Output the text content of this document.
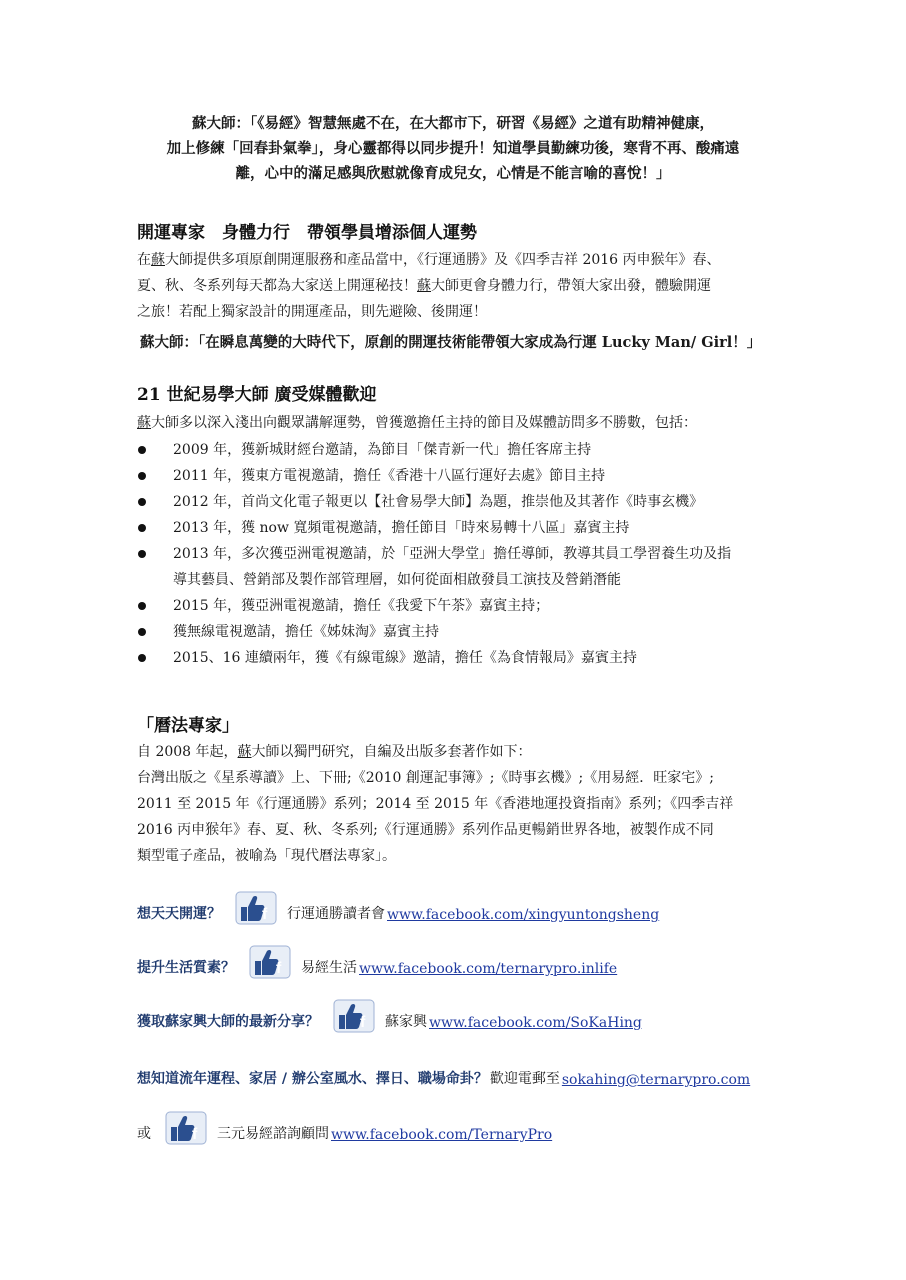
蘇大師：「《易經》智慧無處不在，在大都市下，研習《易經》之道有助精神健康，
加上修練「回春卦氣拳」，身心靈都得以同步提升！知道學員勤練功後，寒背不再、酸痛遠
離，心中的滿足感與欣慰就像育成兒女，心情是不能言喻的喜悅！」
開運專家　身體力行　帶領學員增添個人運勢
在蘇大師提供多項原創開運服務和產品當中，《行運通勝》及《四季吉祥 2016 丙申猴年》春、
夏、秋、冬系列每天都為大家送上開運秘技！蘇大師更會身體力行，帶領大家出發，體驗開運
之旅！若配上獨家設計的開運產品，則先避險、後開運！
蘇大師：「在瞬息萬變的大時代下，原創的開運技術能帶領大家成為行運 Lucky Man/ Girl！」
21 世紀易學大師 廣受媒體歡迎
蘇大師多以深入淺出向觀眾講解運勢，曾獲邀擔任主持的節目及媒體訪問多不勝數，包括：
2009 年，獲新城財經台邀請，為節目「傑青新一代」擔任客席主持
2011 年，獲東方電視邀請，擔任《香港十八區行運好去處》節目主持
2012 年，首尚文化電子報更以【社會易學大師】為題，推崇他及其著作《時事玄機》
2013 年，獲 now 寬頻電視邀請，擔任節目「時來易轉十八區」嘉賓主持
2013 年，多次獲亞洲電視邀請，於「亞洲大學堂」擔任導師，教導其員工學習養生功及指
導其藝員、營銷部及製作部管理層，如何從面相啟發員工演技及營銷潛能
2015 年，獲亞洲電視邀請，擔任《我愛下午茶》嘉賓主持；
獲無線電視邀請，擔任《姊妹淘》嘉賓主持
2015、16 連續兩年，獲《有線電線》邀請，擔任《為食情報局》嘉賓主持
「曆法專家」
自 2008 年起，蘇大師以獨門研究，自編及出版多套著作如下：
台灣出版之《星系導讀》上、下冊;《2010 創運記事簿》;《時事玄機》;《用易經．旺家宅》;
2011 至 2015 年《行運通勝》系列；2014 至 2015 年《香港地運投資指南》系列；《四季吉祥
2016 丙申猴年》春、夏、秋、冬系列;《行運通勝》系列作品更暢銷世界各地，被製作成不同
類型電子產品，被喻為「現代曆法專家」。
想天天開運？	f 行運通勝讀者會 www.facebook.com/xingyuntongsheng
提升生活質素？	f 易經生活 www.facebook.com/ternarypro.inlife
獲取蘇家興大師的最新分享？	f 蘇家興 www.facebook.com/SoKaHing
想知道流年運程、家居 / 辦公室風水、擇日、職場命卦？ 歡迎電郵至 sokahing@ternarypro.com
或	f 三元易經諮詢顧問 www.facebook.com/TernaryPro
